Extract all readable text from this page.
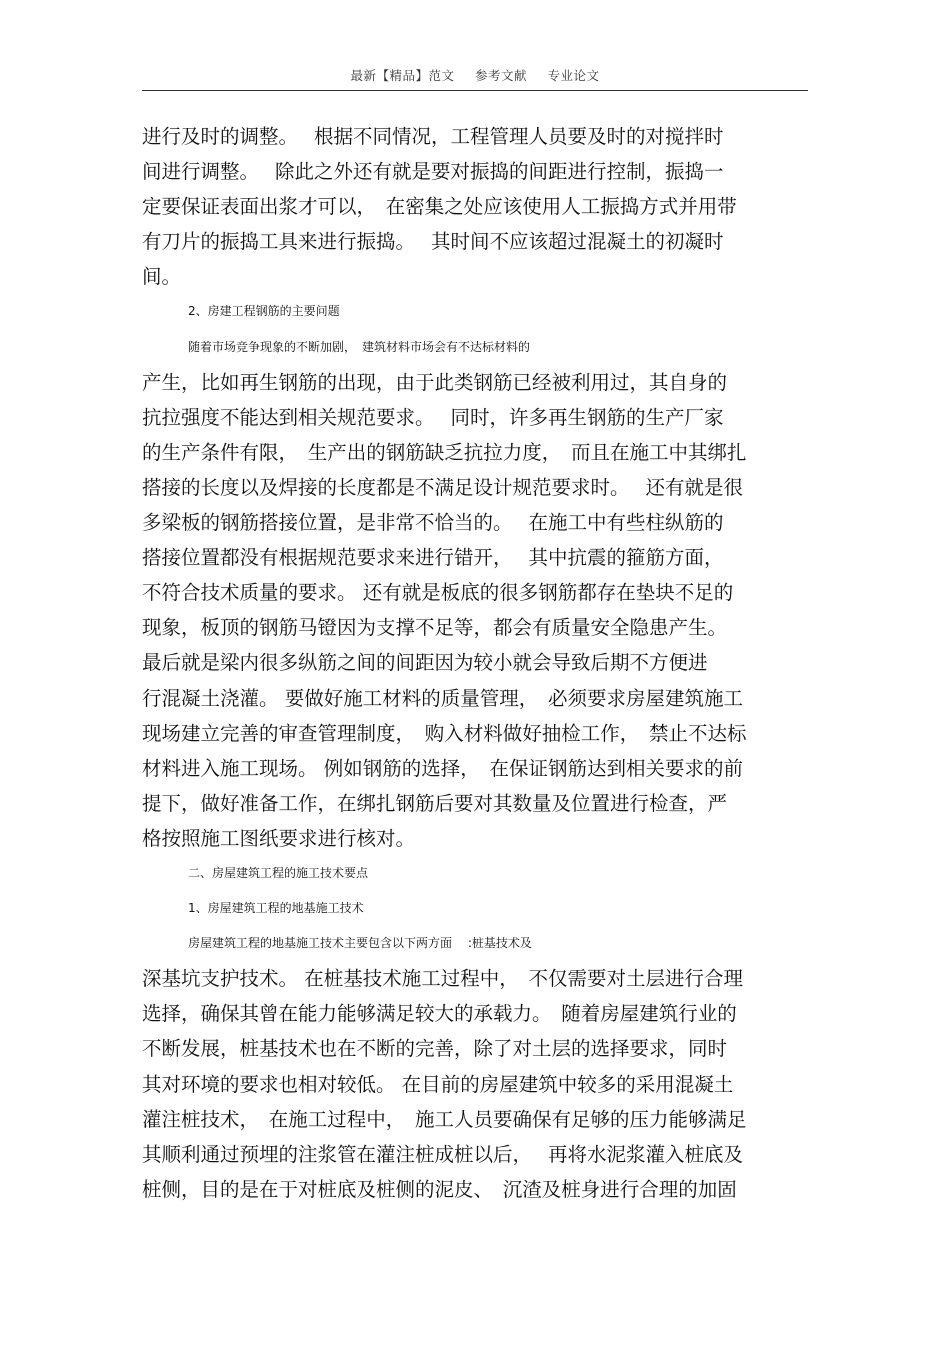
最新【精品】范文 参考文献 专业论文
进行及时的调整。　 根据不同情况，工程管理人员要及时的对搅拌时
间进行调整。　 除此之外还有就是要对振捣的间距进行控制，振捣一
定要保证表面出浆才可以，　在密集之处应该使用人工振捣方式并用带
有刀片的振捣工具来进行振捣。　 其时间不应该超过混凝土的初凝时
间。
2、房建工程钢筋的主要问题
随着市场竞争现象的不断加剧，　建筑材料市场会有不达标材料的
产生，比如再生钢筋的出现，由于此类钢筋已经被利用过，其自身的
抗拉强度不能达到相关规范要求。　 同时，许多再生钢筋的生产厂家
的生产条件有限，　生产出的钢筋缺乏抗拉力度，　而且在施工中其绑扎
搭接的长度以及焊接的长度都是不满足设计规范要求时。　 还有就是很
多梁板的钢筋搭接位置，是非常不恰当的。　 在施工中有些柱纵筋的
搭接位置都没有根据规范要求来进行错开，　 其中抗震的箍筋方面，
不符合技术质量的要求。 还有就是板底的很多钢筋都存在垫块不足的
现象，板顶的钢筋马镫因为支撑不足等，都会有质量安全隐患产生。
最后就是梁内很多纵筋之间的间距因为较小就会导致后期不方便进
行混凝土浇灌。 要做好施工材料的质量管理，　必须要求房屋建筑施工
现场建立完善的审查管理制度，　购入材料做好抽检工作，　禁止不达标
材料进入施工现场。 例如钢筋的选择，　在保证钢筋达到相关要求的前
提下，做好准备工作，在绑扎钢筋后要对其数量及位置进行检查，严
格按照施工图纸要求进行核对。
二、房屋建筑工程的施工技术要点
1、房屋建筑工程的地基施工技术
房屋建筑工程的地基施工技术主要包含以下两方面　 :桩基技术及
深基坑支护技术。 在桩基技术施工过程中，　不仅需要对土层进行合理
选择，确保其曾在能力能够满足较大的承载力。　随着房屋建筑行业的
不断发展，桩基技术也在不断的完善，除了对土层的选择要求，同时
其对环境的要求也相对较低。 在目前的房屋建筑中较多的采用混凝土
灌注桩技术，　在施工过程中，　施工人员要确保有足够的压力能够满足
其顺利通过预埋的注浆管在灌注桩成桩以后，　 再将水泥浆灌入桩底及
桩侧，目的是在于对桩底及桩侧的泥皮、　沉渣及桩身进行合理的加固
